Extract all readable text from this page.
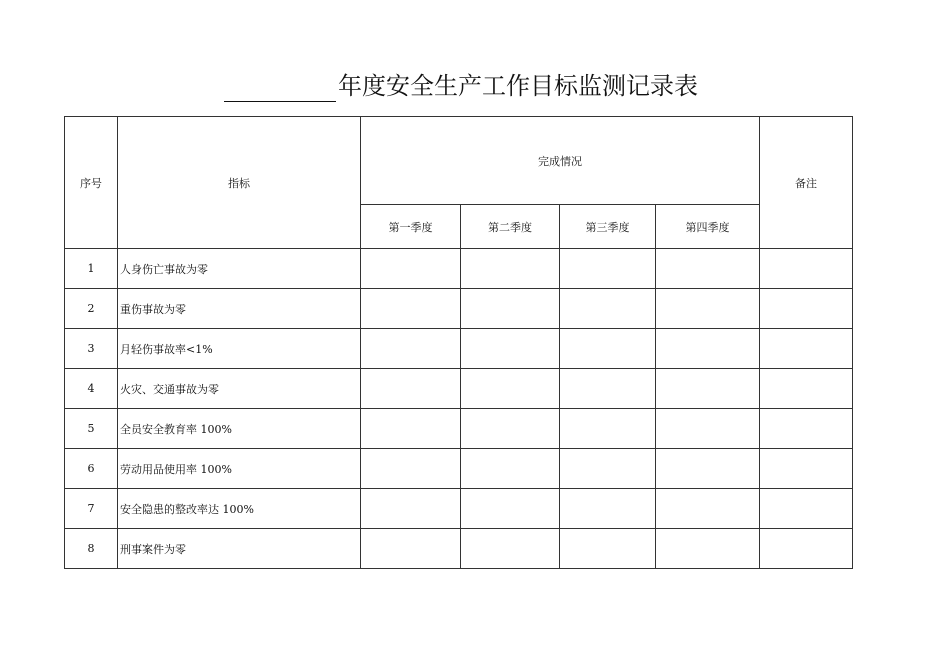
年度安全生产工作目标监测记录表
序号	指标	完成情况				备注
		第一季度	第二季度	第三季度	第四季度	
1	人身伤亡事故为零					
2	重伤事故为零					
3	月轻伤事故率<1%					
4	火灾、交通事故为零					
5	全员安全教育率 100%					
6	劳动用品使用率 100%					
7	安全隐患的整改率达 100%					
8	刑事案件为零					
